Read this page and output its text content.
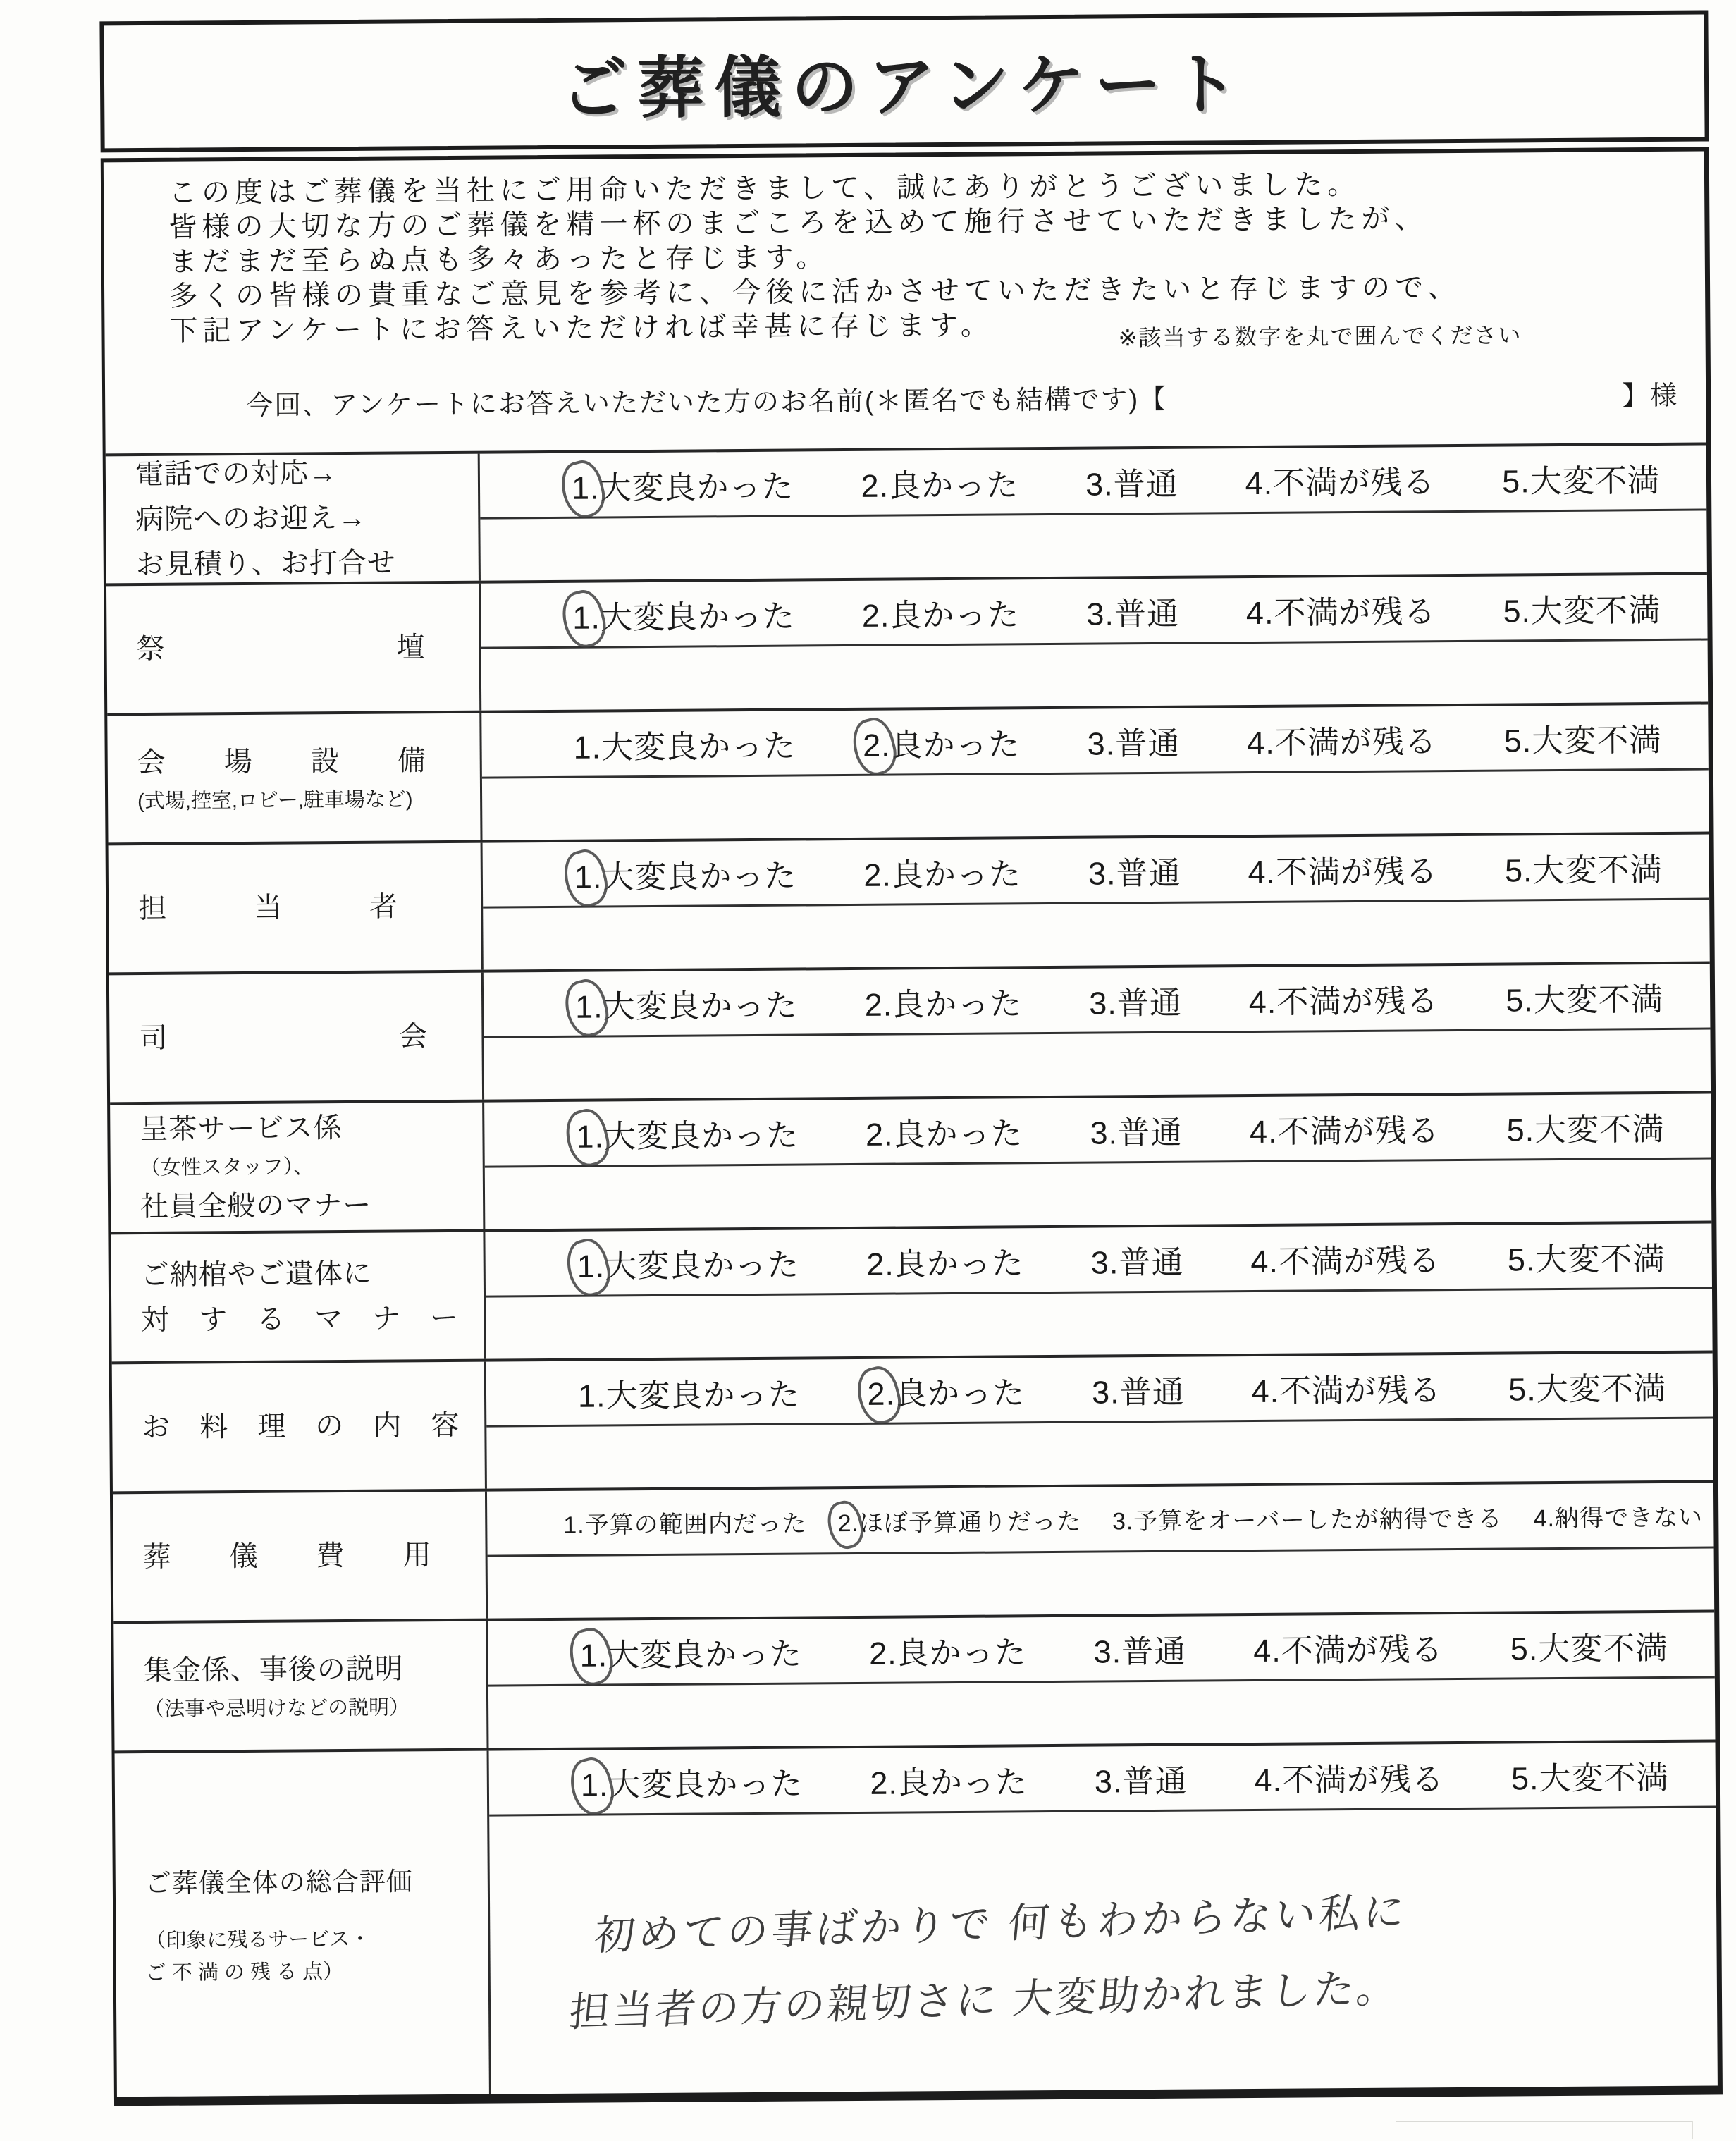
ご葬儀のアンケート
この度はご葬儀を当社にご用命いただきまして、誠にありがとうございました。
皆様の大切な方のご葬儀を精一杯のまごころを込めて施行させていただきましたが、
まだまだ至らぬ点も多々あったと存じます。
多くの皆様の貴重なご意見を参考に、今後に活かさせていただきたいと存じますので、
下記アンケートにお答えいただければ幸甚に存じます。	※該当する数字を丸で囲んでください
今回、アンケートにお答えいただいた方のお名前(＊匿名でも結構です)【	】様
電話での対応→
病院へのお迎え→
お見積り、お打合せ
1.大変良かった 2.良かった 3.普通 4.不満が残る 5.大変不満
祭　　　　　　　　壇
1.大変良かった 2.良かった 3.普通 4.不満が残る 5.大変不満
会　　場　　設　　備
(式場,控室,ロビー,駐車場など)
1.大変良かった 2.良かった 3.普通 4.不満が残る 5.大変不満
担　　　当　　　者
1.大変良かった 2.良かった 3.普通 4.不満が残る 5.大変不満
司　　　　　　　　会
1.大変良かった 2.良かった 3.普通 4.不満が残る 5.大変不満
呈茶サービス係
（女性スタッフ）、
社員全般のマナー
1.大変良かった 2.良かった 3.普通 4.不満が残る 5.大変不満
ご納棺やご遺体に
対　す　る　マ　ナ　ー
1.大変良かった 2.良かった 3.普通 4.不満が残る 5.大変不満
お　料　理　の　内　容
1.大変良かった 2.良かった 3.普通 4.不満が残る 5.大変不満
葬　　儀　　費　　用
1.予算の範囲内だった 2.ほぼ予算通りだった 3.予算をオーバーしたが納得できる 4.納得できない
集金係、事後の説明
（法事や忌明けなどの説明）
1.大変良かった 2.良かった 3.普通 4.不満が残る 5.大変不満
ご葬儀全体の総合評価
（印象に残るサービス・
ご 不 満 の 残 る 点）
1.大変良かった 2.良かった 3.普通 4.不満が残る 5.大変不満
初めての事ばかりで 何もわからない私に
担当者の方の親切さに 大変助かれました。
